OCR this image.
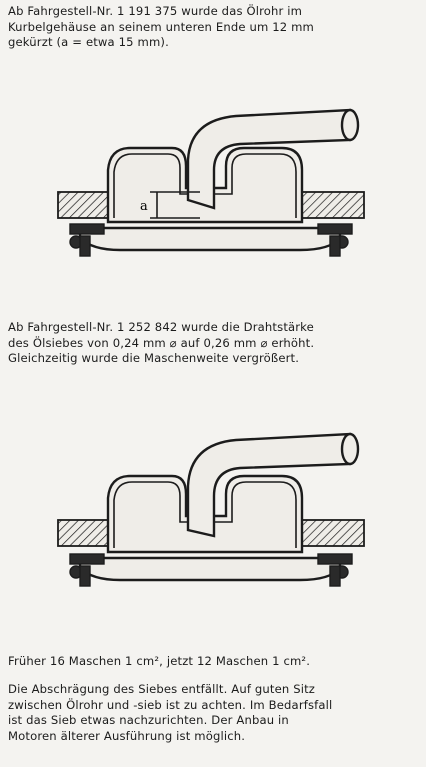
Ab Fahrgestell-Nr. 1 191 375 wurde das Ölrohr im
Kurbelgehäuse an seinem unteren Ende um 12 mm
gekürzt (a = etwa 15 mm).
a
Ab Fahrgestell-Nr. 1 252 842 wurde die Drahtstärke
des Ölsiebes von 0,24 mm ⌀ auf 0,26 mm ⌀ erhöht.
Gleichzeitig wurde die Maschenweite vergrößert.
Früher 16 Maschen 1 cm², jetzt 12 Maschen 1 cm².
Die Abschrägung des Siebes entfällt. Auf guten Sitz
zwischen Ölrohr und -sieb ist zu achten. Im Bedarfsfall
ist das Sieb etwas nachzurichten. Der Anbau in
Motoren älterer Ausführung ist möglich.
